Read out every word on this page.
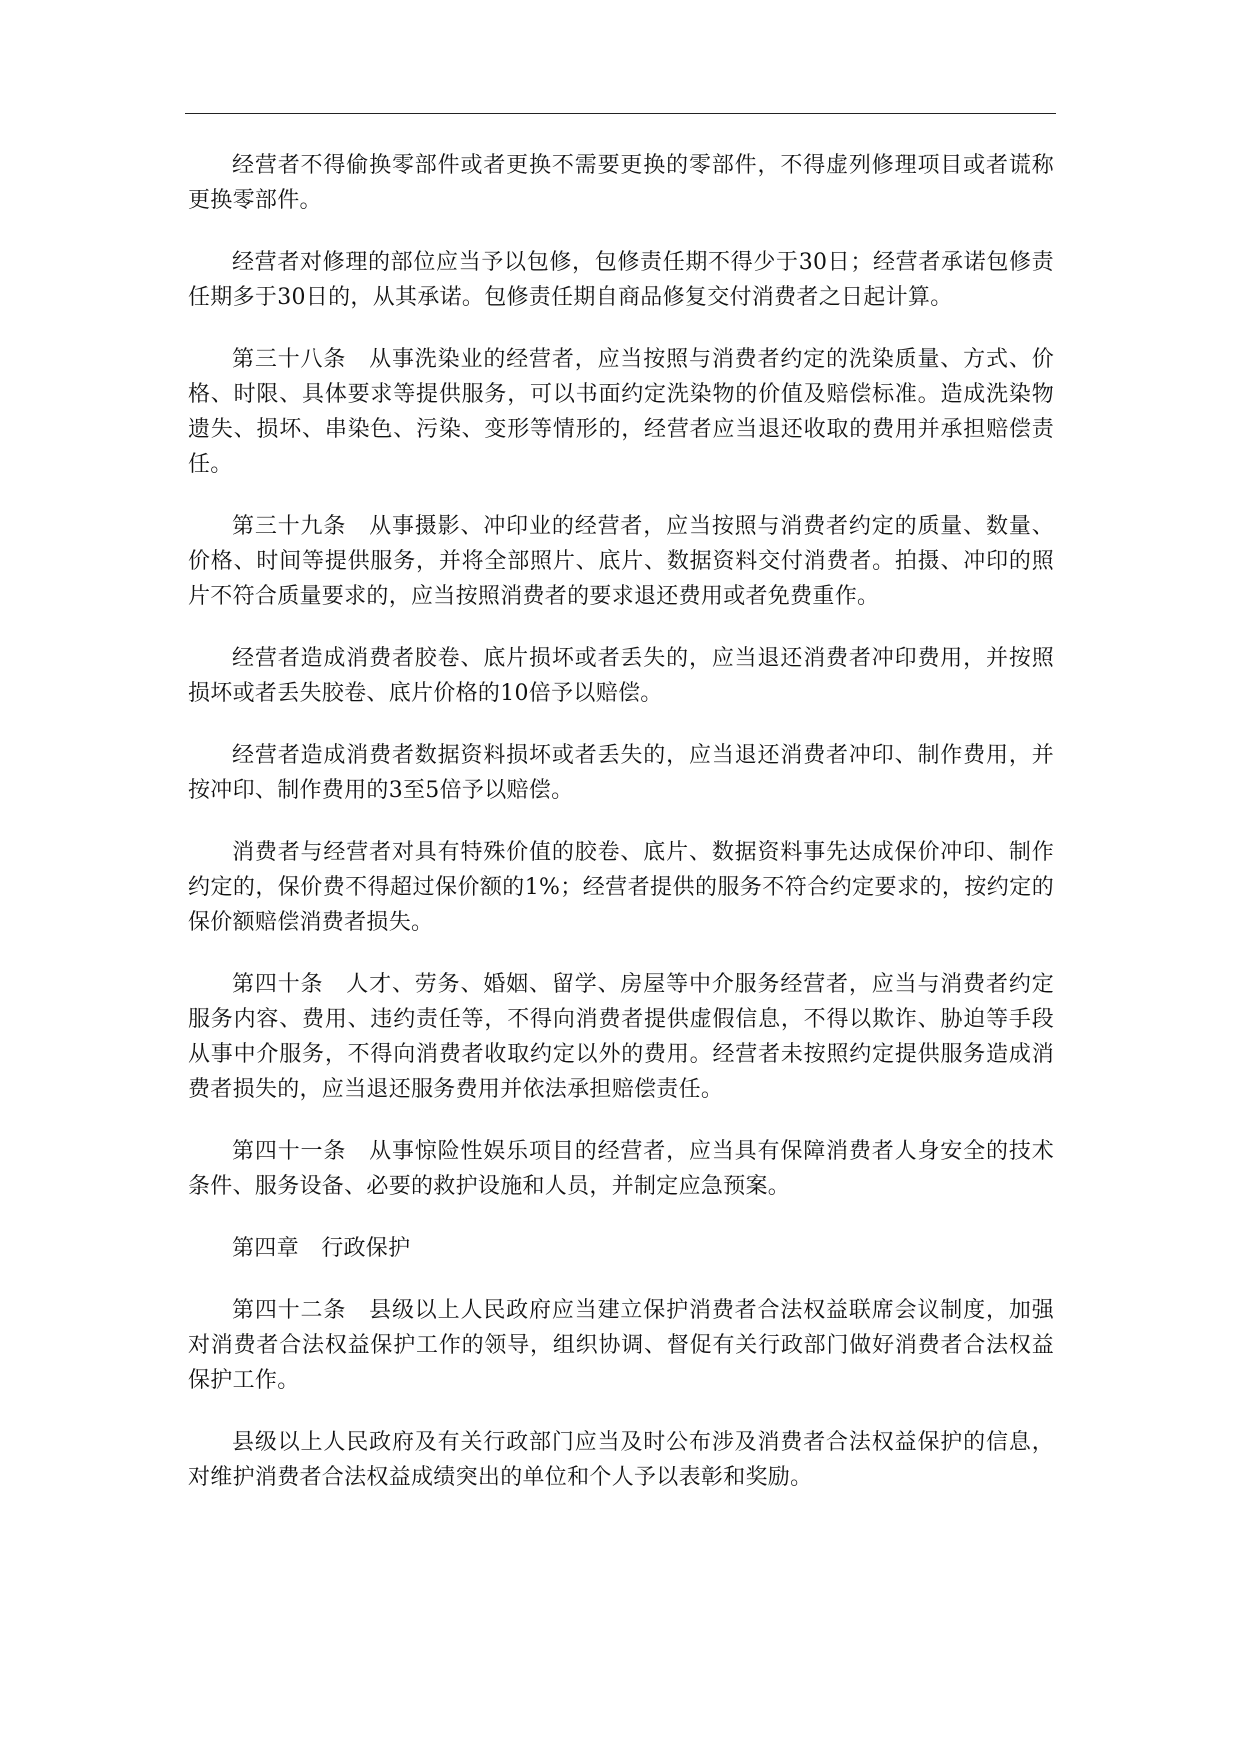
经营者不得偷换零部件或者更换不需要更换的零部件，不得虚列修理项目或者谎称更换零部件。

经营者对修理的部位应当予以包修，包修责任期不得少于30日；经营者承诺包修责任期多于30日的，从其承诺。包修责任期自商品修复交付消费者之日起计算。

第三十八条　从事洗染业的经营者，应当按照与消费者约定的洗染质量、方式、价格、时限、具体要求等提供服务，可以书面约定洗染物的价值及赔偿标准。造成洗染物遗失、损坏、串染色、污染、变形等情形的，经营者应当退还收取的费用并承担赔偿责任。

第三十九条　从事摄影、冲印业的经营者，应当按照与消费者约定的质量、数量、价格、时间等提供服务，并将全部照片、底片、数据资料交付消费者。拍摄、冲印的照片不符合质量要求的，应当按照消费者的要求退还费用或者免费重作。

经营者造成消费者胶卷、底片损坏或者丢失的，应当退还消费者冲印费用，并按照损坏或者丢失胶卷、底片价格的10倍予以赔偿。

经营者造成消费者数据资料损坏或者丢失的，应当退还消费者冲印、制作费用，并按冲印、制作费用的3至5倍予以赔偿。

消费者与经营者对具有特殊价值的胶卷、底片、数据资料事先达成保价冲印、制作约定的，保价费不得超过保价额的1%；经营者提供的服务不符合约定要求的，按约定的保价额赔偿消费者损失。

第四十条　人才、劳务、婚姻、留学、房屋等中介服务经营者，应当与消费者约定服务内容、费用、违约责任等，不得向消费者提供虚假信息，不得以欺诈、胁迫等手段从事中介服务，不得向消费者收取约定以外的费用。经营者未按照约定提供服务造成消费者损失的，应当退还服务费用并依法承担赔偿责任。

第四十一条　从事惊险性娱乐项目的经营者，应当具有保障消费者人身安全的技术条件、服务设备、必要的救护设施和人员，并制定应急预案。

第四章　行政保护

第四十二条　县级以上人民政府应当建立保护消费者合法权益联席会议制度，加强对消费者合法权益保护工作的领导，组织协调、督促有关行政部门做好消费者合法权益保护工作。

县级以上人民政府及有关行政部门应当及时公布涉及消费者合法权益保护的信息，对维护消费者合法权益成绩突出的单位和个人予以表彰和奖励。
